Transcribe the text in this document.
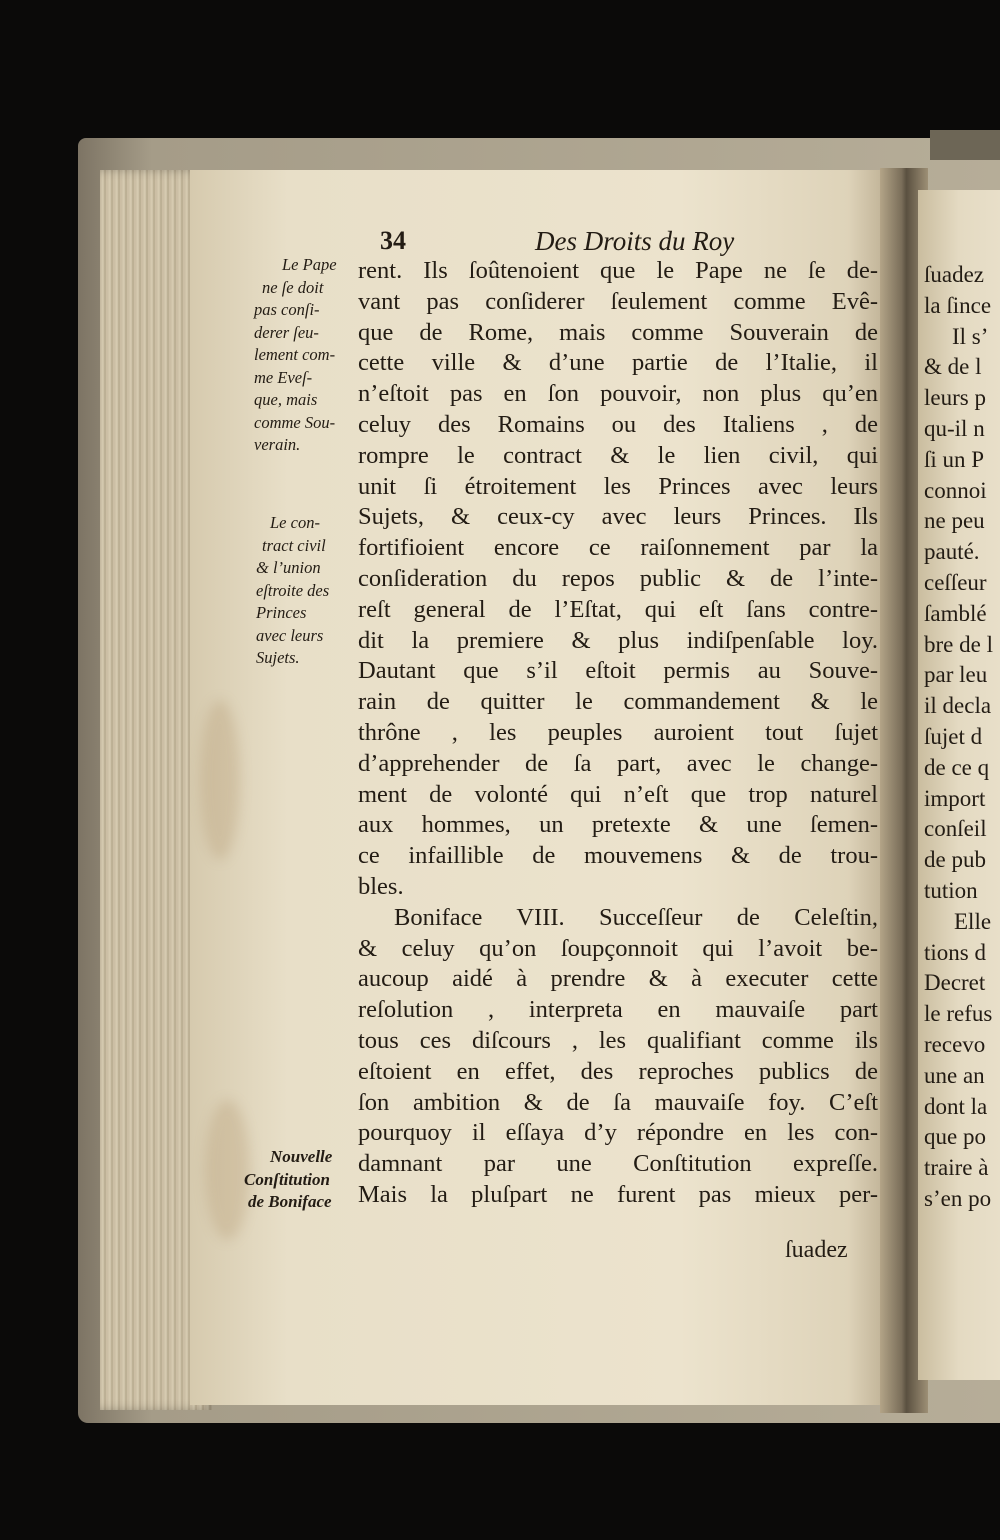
34	Des Droits du Roy
Le Pape
ne ſe doit
pas conſi-
derer ſeu-
lement com-
me Eveſ-
que, mais
comme Sou-
verain.
Le con-
tract civil
& l’union
eſtroite des
Princes
avec leurs
Sujets.
Nouvelle
Conſtitution
de Boniface
rent. Ils ſoûtenoient que le Pape ne ſe de-
vant pas conſiderer ſeulement comme Evê-
que de Rome, mais comme Souverain de
cette ville & d’une partie de l’Italie, il
n’eſtoit pas en ſon pouvoir, non plus qu’en
celuy des Romains ou des Italiens , de
rompre le contract & le lien civil, qui
unit ſi étroitement les Princes avec leurs
Sujets, & ceux-cy avec leurs Princes. Ils
fortifioient encore ce raiſonnement par la
conſideration du repos public & de l’inte-
reſt general de l’Eſtat, qui eſt ſans contre-
dit la premiere & plus indiſpenſable loy.
Dautant que s’il eſtoit permis au Souve-
rain de quitter le commandement & le
thrône , les peuples auroient tout ſujet
d’apprehender de ſa part, avec le change-
ment de volonté qui n’eſt que trop naturel
aux hommes, un pretexte & une ſemen-
ce infaillible de mouvemens & de trou-
bles.
Boniface VIII. Succeſſeur de Celeſtin,
& celuy qu’on ſoupçonnoit qui l’avoit be-
aucoup aidé à prendre & à executer cette
reſolution , interpreta en mauvaiſe part
tous ces diſcours , les qualifiant comme ils
eſtoient en effet, des reproches publics de
ſon ambition & de ſa mauvaiſe foy. C’eſt
pourquoy il eſſaya d’y répondre en les con-
damnant par une Conſtitution expreſſe.
Mais la pluſpart ne furent pas mieux per-
ſuadez
ſuadez
la ſince
Il s’
& de l
leurs p
qu-il n
ſi un P
connoi
ne peu
pauté.
ceſſeur
ſamblé
bre de l
par leu
il decla
ſujet d
de ce q
import
conſeil
de pub
tution
Elle
tions d
Decret
le refus
recevo
une an
dont la
que po
traire à
s’en po
